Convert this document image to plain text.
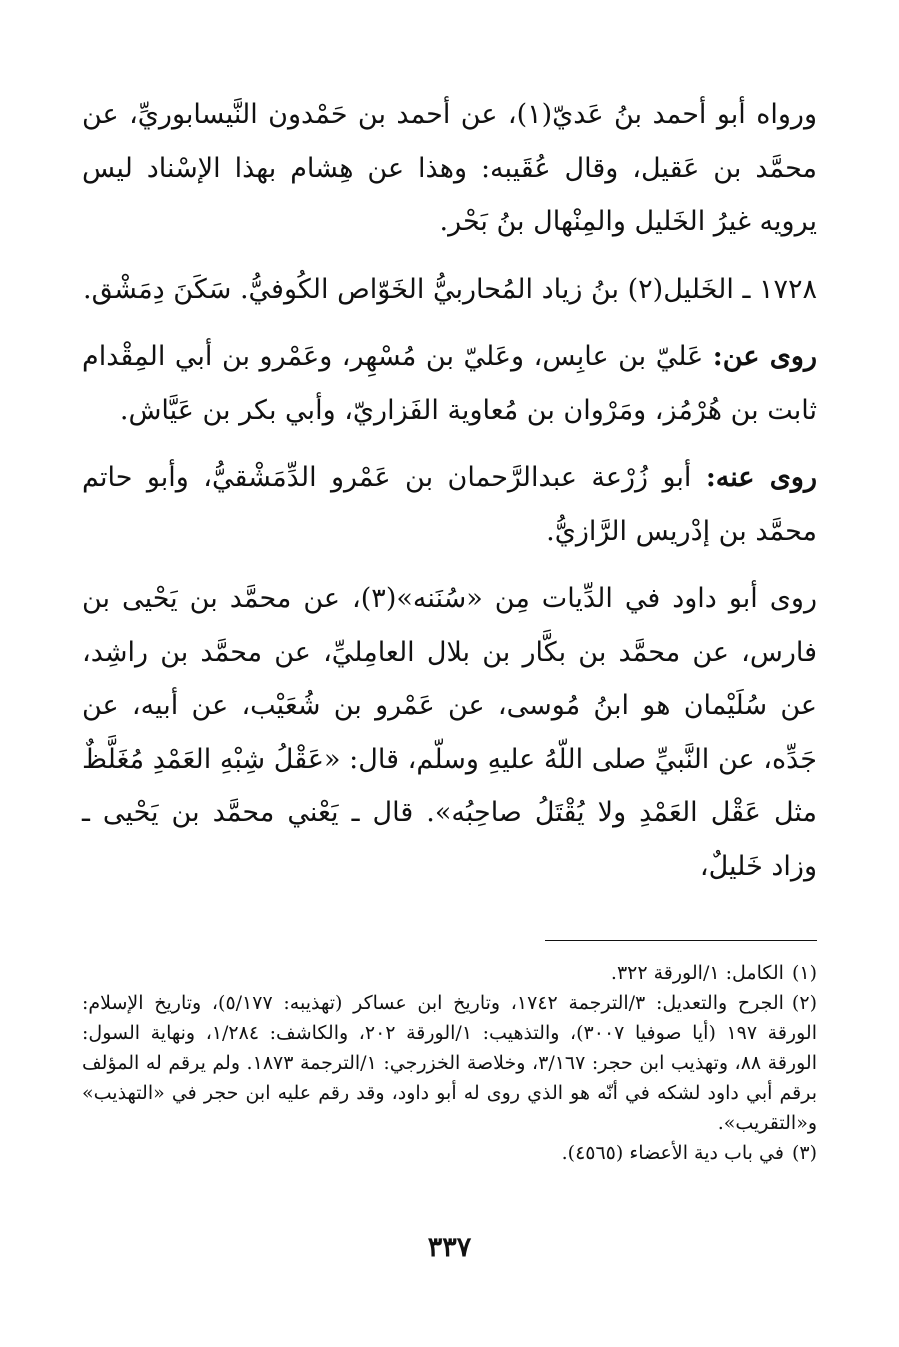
ورواه أبو أحمد بنُ عَديّ(١)، عن أحمد بن حَمْدون النَّيسابوريِّ، عن محمَّد بن عَقيل، وقال عُقَيبه: وهذا عن هِشام بهذا الإسْناد ليس يرويه غيرُ الخَليل والمِنْهال بنُ بَحْر.

١٧٢٨ ـ الخَليل(٢) بنُ زياد المُحاربيُّ الخَوّاص الكُوفيُّ. سَكَنَ دِمَشْق.

روى عن: عَليّ بن عابِس، وعَليّ بن مُسْهِر، وعَمْرو بن أبي المِقْدام ثابت بن هُرْمُز، ومَرْوان بن مُعاوية الفَزاريّ، وأبي بكر بن عَيَّاش.

روى عنه: أبو زُرْعة عبدالرَّحمان بن عَمْرو الدِّمَشْقيُّ، وأبو حاتم محمَّد بن إدْريس الرَّازيُّ.

روى أبو داود في الدِّيات مِن «سُنَنه»(٣)، عن محمَّد بن يَحْيى بن فارس، عن محمَّد بن بكَّار بن بلال العامِليِّ، عن محمَّد بن راشِد، عن سُلَيْمان هو ابنُ مُوسى، عن عَمْرو بن شُعَيْب، عن أبيه، عن جَدِّه، عن النَّبيِّ صلى اللّهُ عليهِ وسلّم، قال: «عَقْلُ شِبْهِ العَمْدِ مُغَلَّظٌ مثل عَقْل العَمْدِ ولا يُقْتَلُ صاحِبُه». قال ـ يَعْني محمَّد بن يَحْيى ـ وزاد خَليلٌ،

(١)الكامل: ١/الورقة ٣٢٢.

(٢)الجرح والتعديل: ٣/الترجمة ١٧٤٢، وتاريخ ابن عساكر (تهذيبه: ٥/١٧٧)، وتاريخ الإسلام: الورقة ١٩٧ (أيا صوفيا ٣٠٠٧)، والتذهيب: ١/الورقة ٢٠٢، والكاشف: ١/٢٨٤، ونهاية السول: الورقة ٨٨، وتهذيب ابن حجر: ٣/١٦٧، وخلاصة الخزرجي: ١/الترجمة ١٨٧٣. ولم يرقم له المؤلف برقم أبي داود لشكه في أنّه هو الذي روى له أبو داود، وقد رقم عليه ابن حجر في «التهذيب» و«التقريب».

(٣)في باب دية الأعضاء (٤٥٦٥).

٣٣٧
